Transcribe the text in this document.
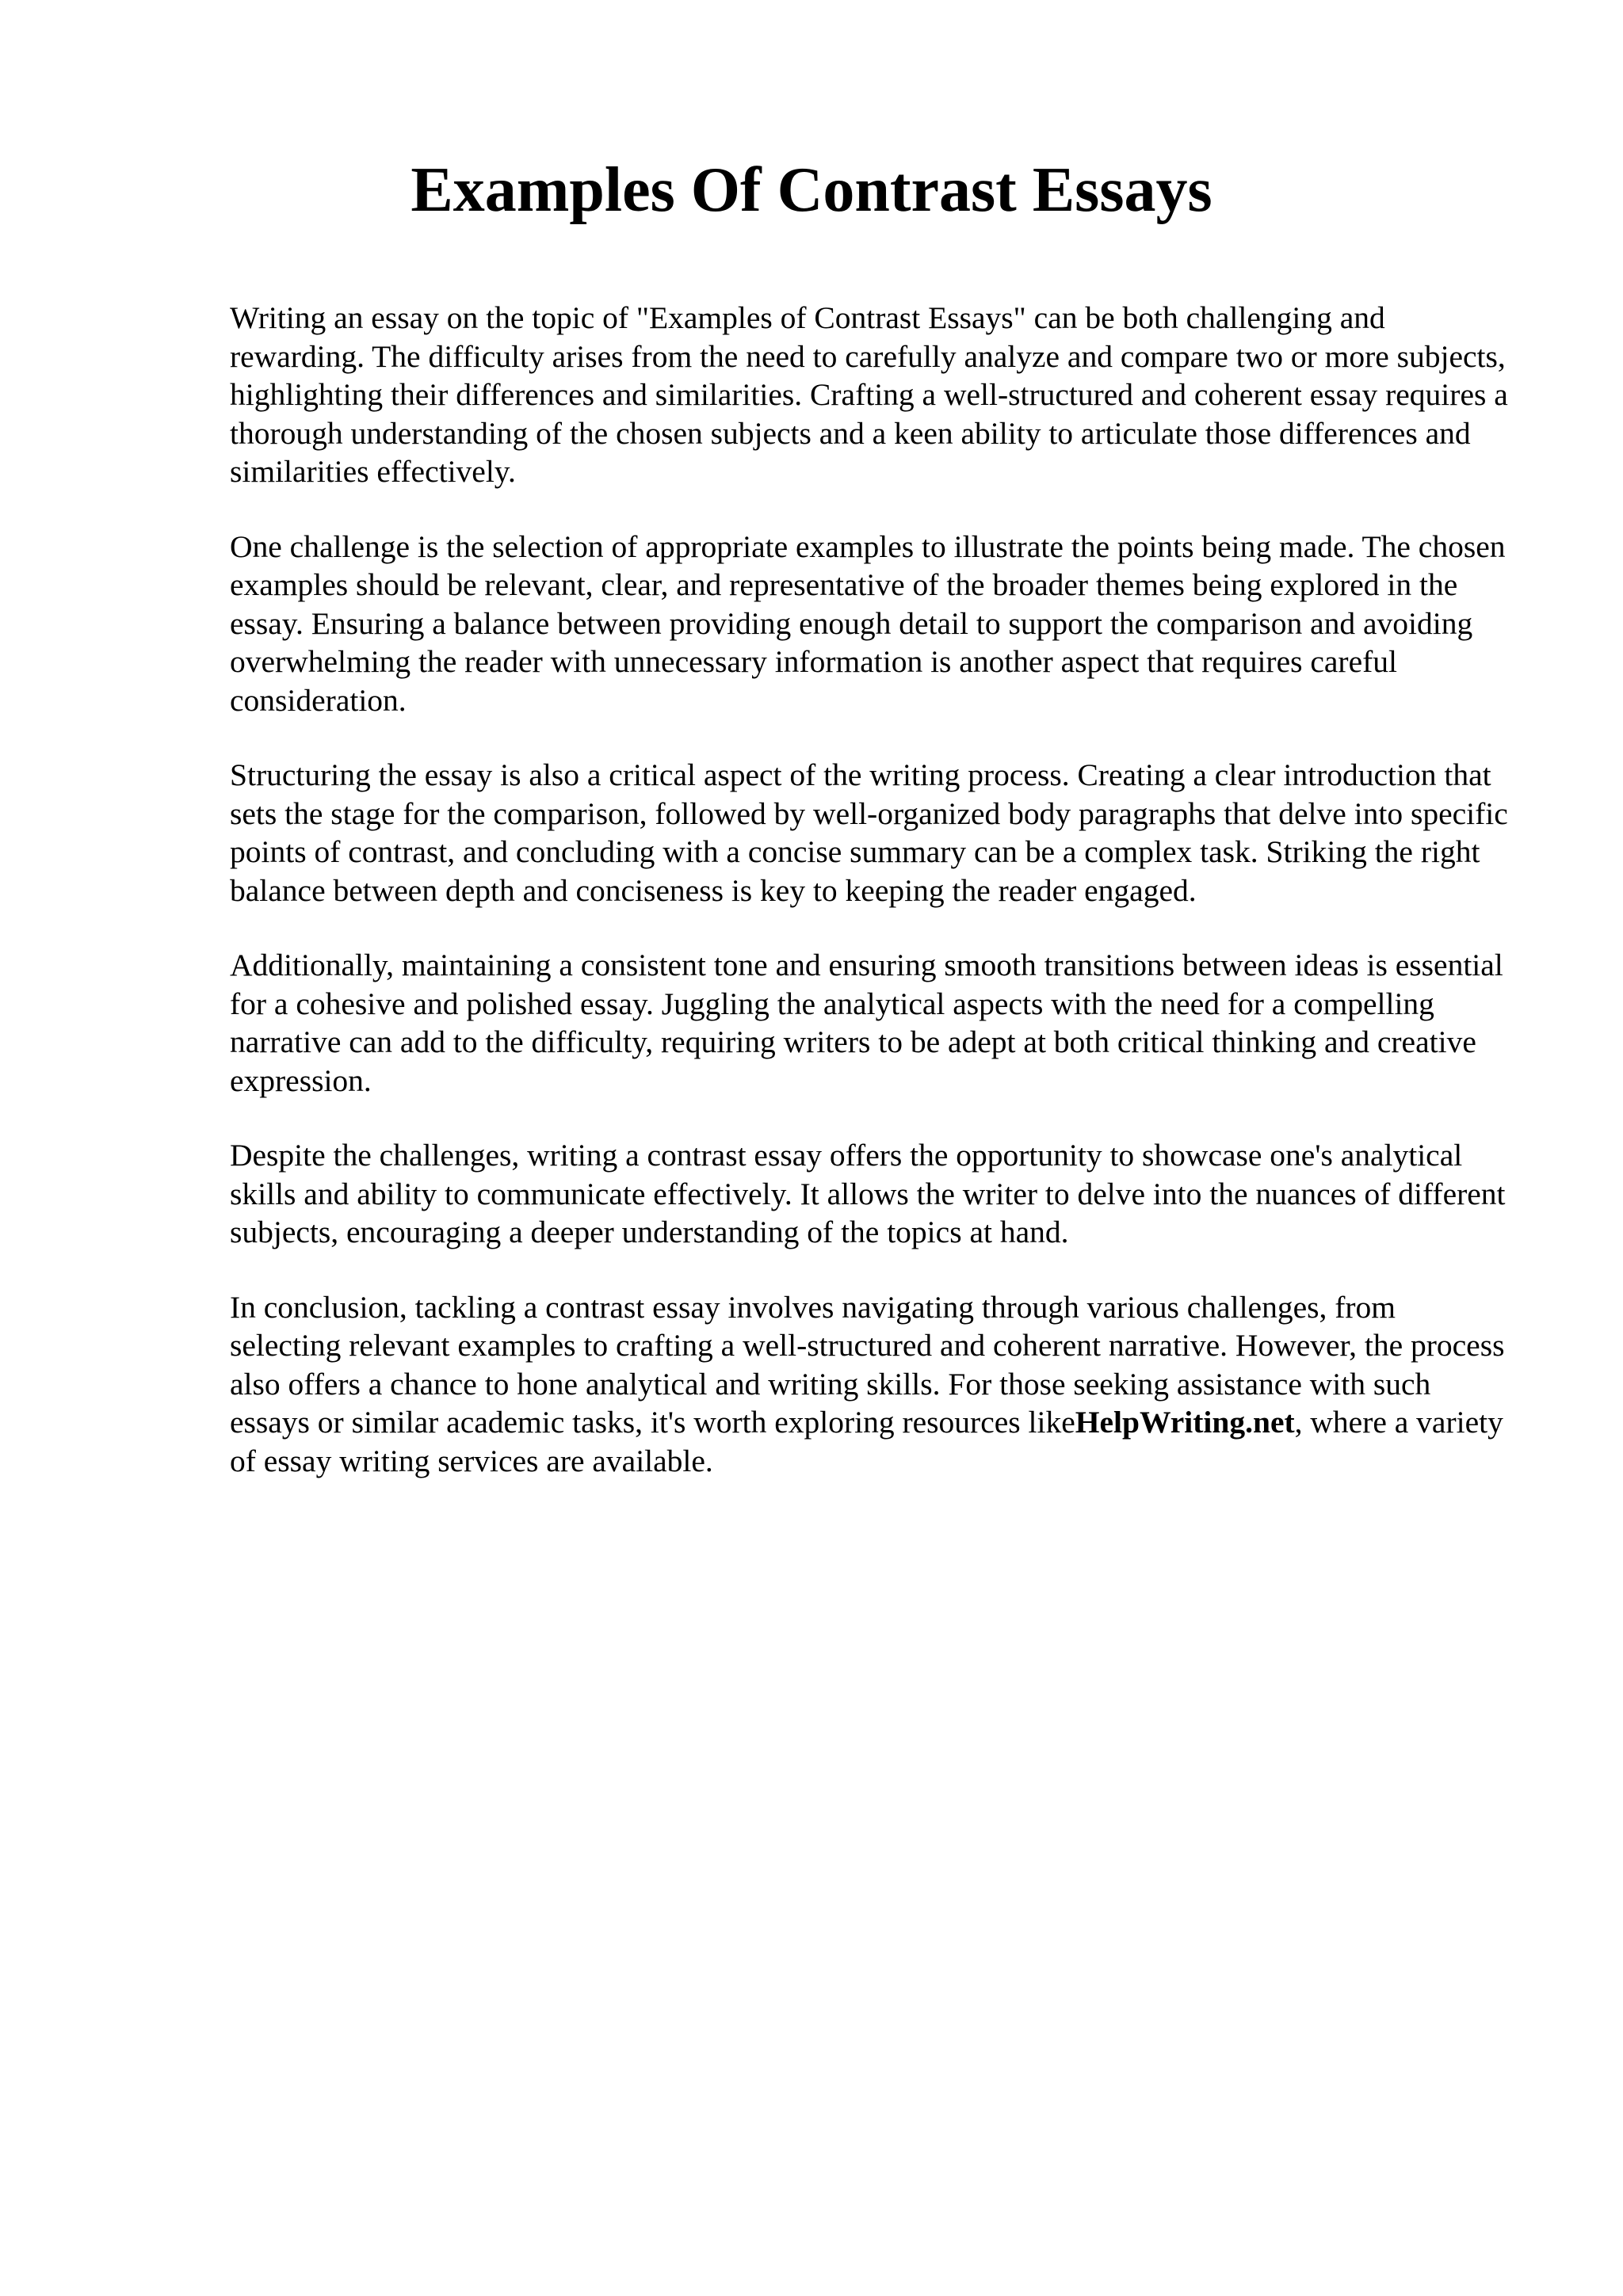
Examples Of Contrast Essays

Writing an essay on the topic of "Examples of Contrast Essays" can be both challenging and rewarding. The difficulty arises from the need to carefully analyze and compare two or more subjects, highlighting their differences and similarities. Crafting a well-structured and coherent essay requires a thorough understanding of the chosen subjects and a keen ability to articulate those differences and similarities effectively.

One challenge is the selection of appropriate examples to illustrate the points being made. The chosen examples should be relevant, clear, and representative of the broader themes being explored in the essay. Ensuring a balance between providing enough detail to support the comparison and avoiding overwhelming the reader with unnecessary information is another aspect that requires careful consideration.

Structuring the essay is also a critical aspect of the writing process. Creating a clear introduction that sets the stage for the comparison, followed by well-organized body paragraphs that delve into specific points of contrast, and concluding with a concise summary can be a complex task. Striking the right balance between depth and conciseness is key to keeping the reader engaged.

Additionally, maintaining a consistent tone and ensuring smooth transitions between ideas is essential for a cohesive and polished essay. Juggling the analytical aspects with the need for a compelling narrative can add to the difficulty, requiring writers to be adept at both critical thinking and creative expression.

Despite the challenges, writing a contrast essay offers the opportunity to showcase one's analytical skills and ability to communicate effectively. It allows the writer to delve into the nuances of different subjects, encouraging a deeper understanding of the topics at hand.

In conclusion, tackling a contrast essay involves navigating through various challenges, from selecting relevant examples to crafting a well-structured and coherent narrative. However, the process also offers a chance to hone analytical and writing skills. For those seeking assistance with such essays or similar academic tasks, it's worth exploring resources likeHelpWriting.net, where a variety of essay writing services are available.
